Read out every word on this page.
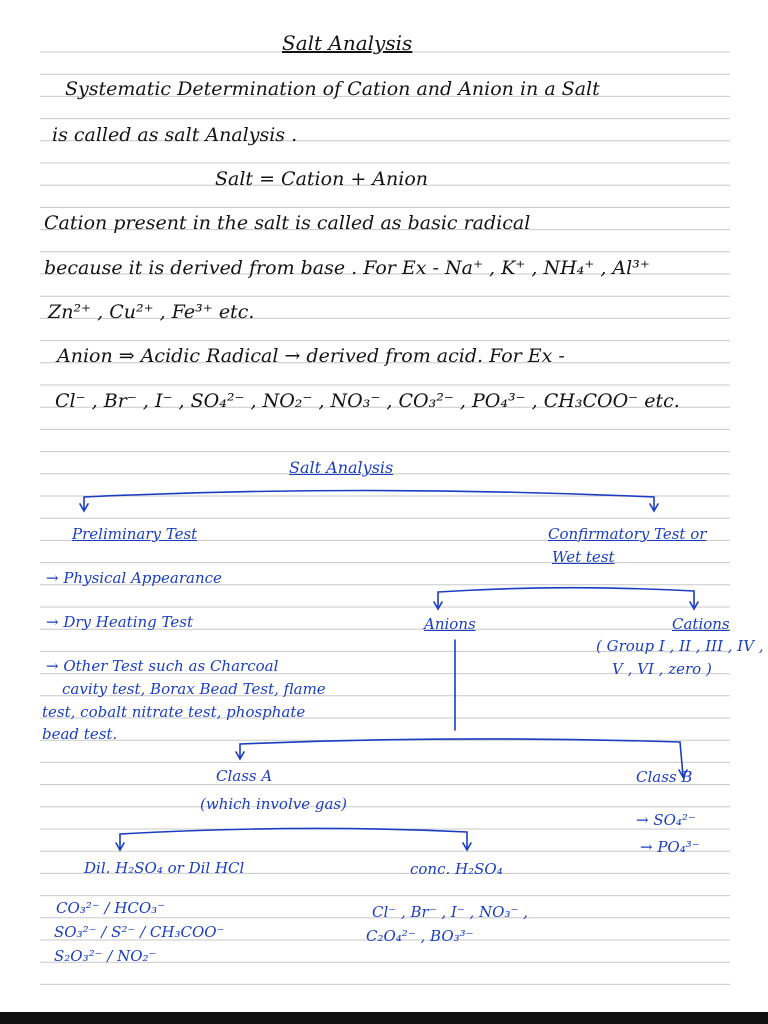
Salt Analysis
Systematic Determination of Cation and Anion in a Salt
is called as salt Analysis .
Salt = Cation + Anion
Cation present in the salt is called as basic radical
because it is derived from base . For Ex - Na⁺ , K⁺ , NH₄⁺ , Al³⁺
Zn²⁺ , Cu²⁺ , Fe³⁺ etc.
Anion ⇒ Acidic Radical → derived from acid. For Ex -
Cl⁻ , Br⁻ , I⁻ , SO₄²⁻ , NO₂⁻ , NO₃⁻ , CO₃²⁻ , PO₄³⁻ , CH₃COO⁻ etc.
Salt Analysis
Preliminary Test
→ Physical Appearance
→ Dry Heating Test
→ Other Test such as Charcoal
cavity test, Borax Bead Test, flame
test, cobalt nitrate test, phosphate
bead test.
Confirmatory Test or
Wet test
Anions	Cations
( Group I , II , III , IV ,
V , VI , zero )
Class A
(which involve gas)
Class B
→ SO₄²⁻
→ PO₄³⁻
Dil. H₂SO₄ or Dil HCl
CO₃²⁻ / HCO₃⁻
SO₃²⁻ / S²⁻ / CH₃COO⁻
S₂O₃²⁻ / NO₂⁻
conc. H₂SO₄
Cl⁻ , Br⁻ , I⁻ , NO₃⁻ ,
C₂O₄²⁻ , BO₃³⁻
